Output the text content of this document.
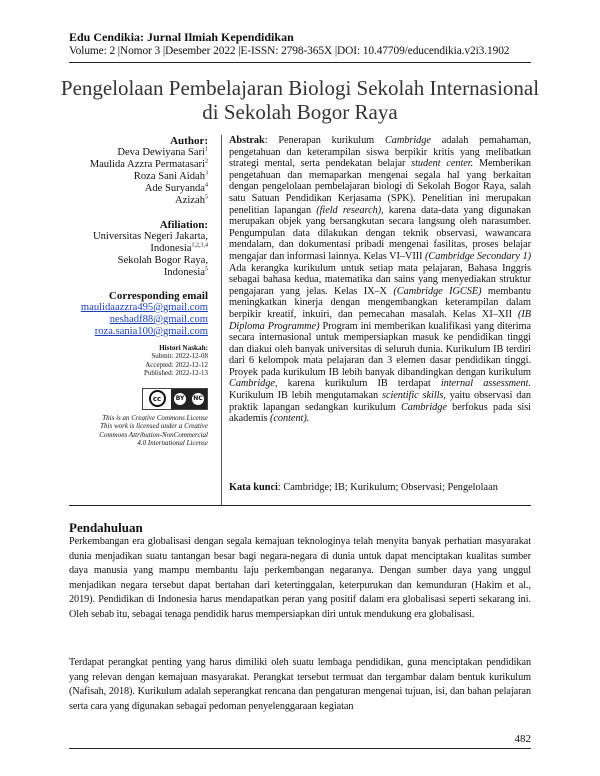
Edu Cendikia: Jurnal Ilmiah Kependidikan
Volume: 2 |Nomor 3 |Desember 2022 |E-ISSN: 2798-365X |DOI: 10.47709/educendikia.v2i3.1902
Pengelolaan Pembelajaran Biologi Sekolah Internasional
di Sekolah Bogor Raya
Author:
Deva Dewiyana Sari$^1$
Maulida Azzra Permatasari$^2$
Roza Sani Aidah$^3$
Ade Suryanda$^4$
Azizah$^5$
Afiliation:
Universitas Negeri Jakarta,
Indonesia$^{1,2,3,4}$
Sekolah Bogor Raya,
Indonesia$^5$
Corresponding email
maulidaazzra495@gmail.com
neshadf88@gmail.com
roza.sania100@gmail.com
Histori Naskah:
Submit: 2022-12-08
Accepted: 2022-12-12
Published: 2022-12-13
cc	BY NC
This is an Creative Commons License
This work is licensed under a Creative
Commons Attribution-NonCommercial
4.0 International License
Abstrak: Penerapan kurikulum Cambridge adalah pemahaman, pengetahuan dan keterampilan siswa berpikir kritis yang melibatkan strategi mental, serta pendekatan belajar student center. Memberikan pengetahuan dan memaparkan mengenai segala hal yang berkaitan dengan pengelolaan pembelajaran biologi di Sekolah Bogor Raya, salah satu Satuan Pendidikan Kerjasama (SPK). Penelitian ini merupakan penelitian lapangan (field research), karena data-data yang digunakan merupakan objek yang bersangkutan secara langsung oleh narasumber. Pengumpulan data dilakukan dengan teknik observasi, wawancara mendalam, dan dokumentasi pribadi mengenai fasilitas, proses belajar mengajar dan informasi lainnya. Kelas VI–VIII (Cambridge Secondary 1) Ada kerangka kurikulum untuk setiap mata pelajaran, Bahasa Inggris sebagai bahasa kedua, matematika dan sains yang menyediakan struktur pengajaran yang jelas. Kelas IX–X (Cambridge IGCSE) membantu meningkatkan kinerja dengan mengembangkan keterampilan dalam berpikir kreatif, inkuiri, dan pemecahan masalah. Kelas XI–XII (IB Diploma Programme) Program ini memberikan kualifikasi yang diterima secara internasional untuk mempersiapkan masuk ke pendidikan tinggi dan diakui oleh banyak universitas di seluruh dunia. Kurikulum IB terdiri dari 6 kelompok mata pelajaran dan 3 elemen dasar pendidikan tinggi. Proyek pada kurikulum IB lebih banyak dibandingkan dengan kurikulum Cambridge, karena kurikulum IB terdapat internal assessment. Kurikulum IB lebih mengutamakan scientific skills, yaitu observasi dan praktik lapangan sedangkan kurikulum Cambridge berfokus pada sisi akademis (content).
Kata kunci: Cambridge; IB; Kurikulum; Observasi; Pengelolaan
Pendahuluan
Perkembangan era globalisasi dengan segala kemajuan teknologinya telah menyita banyak perhatian masyarakat dunia menjadikan suatu tantangan besar bagi negara-negara di dunia untuk dapat menciptakan kualitas sumber daya manusia yang mampu membantu laju perkembangan negaranya. Dengan sumber daya yang unggul menjadikan negara tersebut dapat bertahan dari ketertinggalan, keterpurukan dan kemunduran (Hakim et al., 2019). Pendidikan di Indonesia harus mendapatkan peran yang positif dalam era globalisasi seperti sekarang ini. Oleh sebab itu, sebagai tenaga pendidik harus mempersiapkan diri untuk mendukung era globalisasi.
Terdapat perangkat penting yang harus dimiliki oleh suatu lembaga pendidikan, guna menciptakan pendidikan yang relevan dengan kemajuan masyarakat. Perangkat tersebut termuat dan tergambar dalam bentuk kurikulum (Nafisah, 2018). Kurikulum adalah seperangkat rencana dan pengaturan mengenai tujuan, isi, dan bahan pelajaran serta cara yang digunakan sebagai pedoman penyelenggaraan kegiatan
482
